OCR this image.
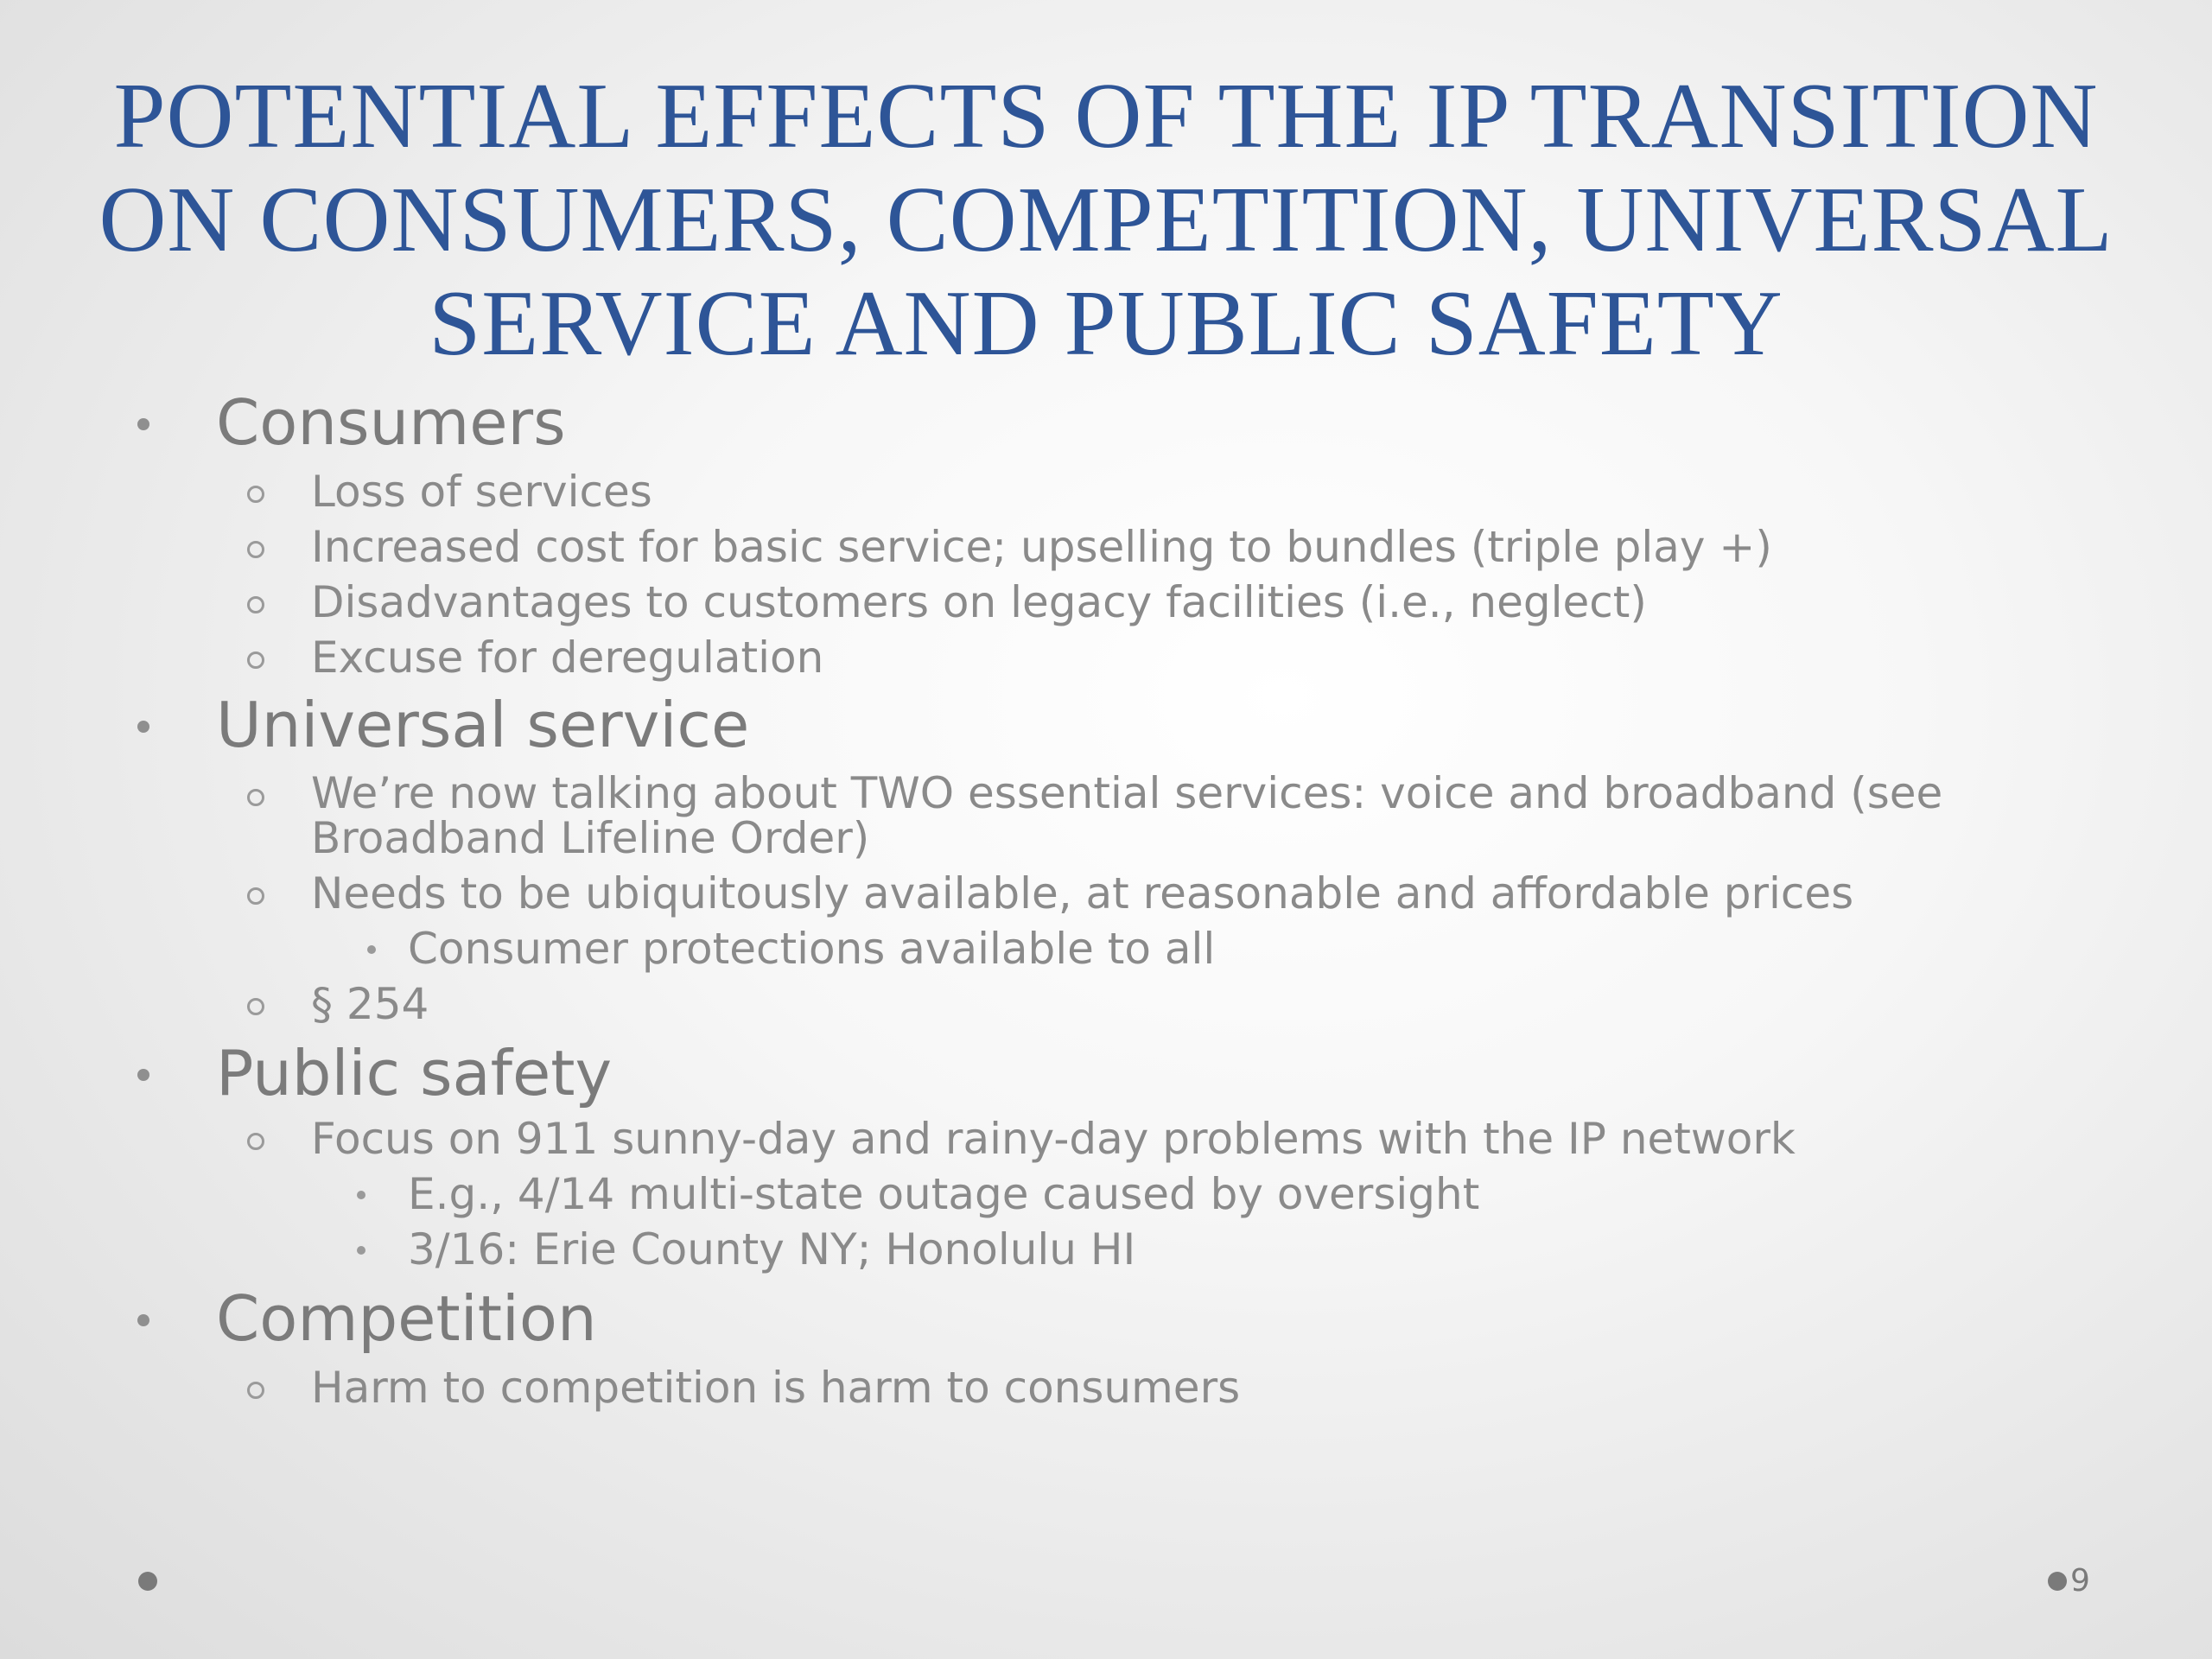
POTENTIAL EFFECTS OF THE IP TRANSITION
ON CONSUMERS, COMPETITION, UNIVERSAL
SERVICE AND PUBLIC SAFETY
Consumers
Loss of services
Increased cost for basic service; upselling to bundles (triple play +)
Disadvantages to customers on legacy facilities (i.e., neglect)
Excuse for deregulation
Universal service
We’re now talking about TWO essential services: voice and broadband (see
Broadband Lifeline Order)
Needs to be ubiquitously available, at reasonable and affordable prices
Consumer protections available to all
§ 254
Public safety
Focus on 911 sunny-day and rainy-day problems with the IP network
E.g., 4/14 multi-state outage caused by oversight
3/16: Erie County NY; Honolulu HI
Competition
Harm to competition is harm to consumers
9
